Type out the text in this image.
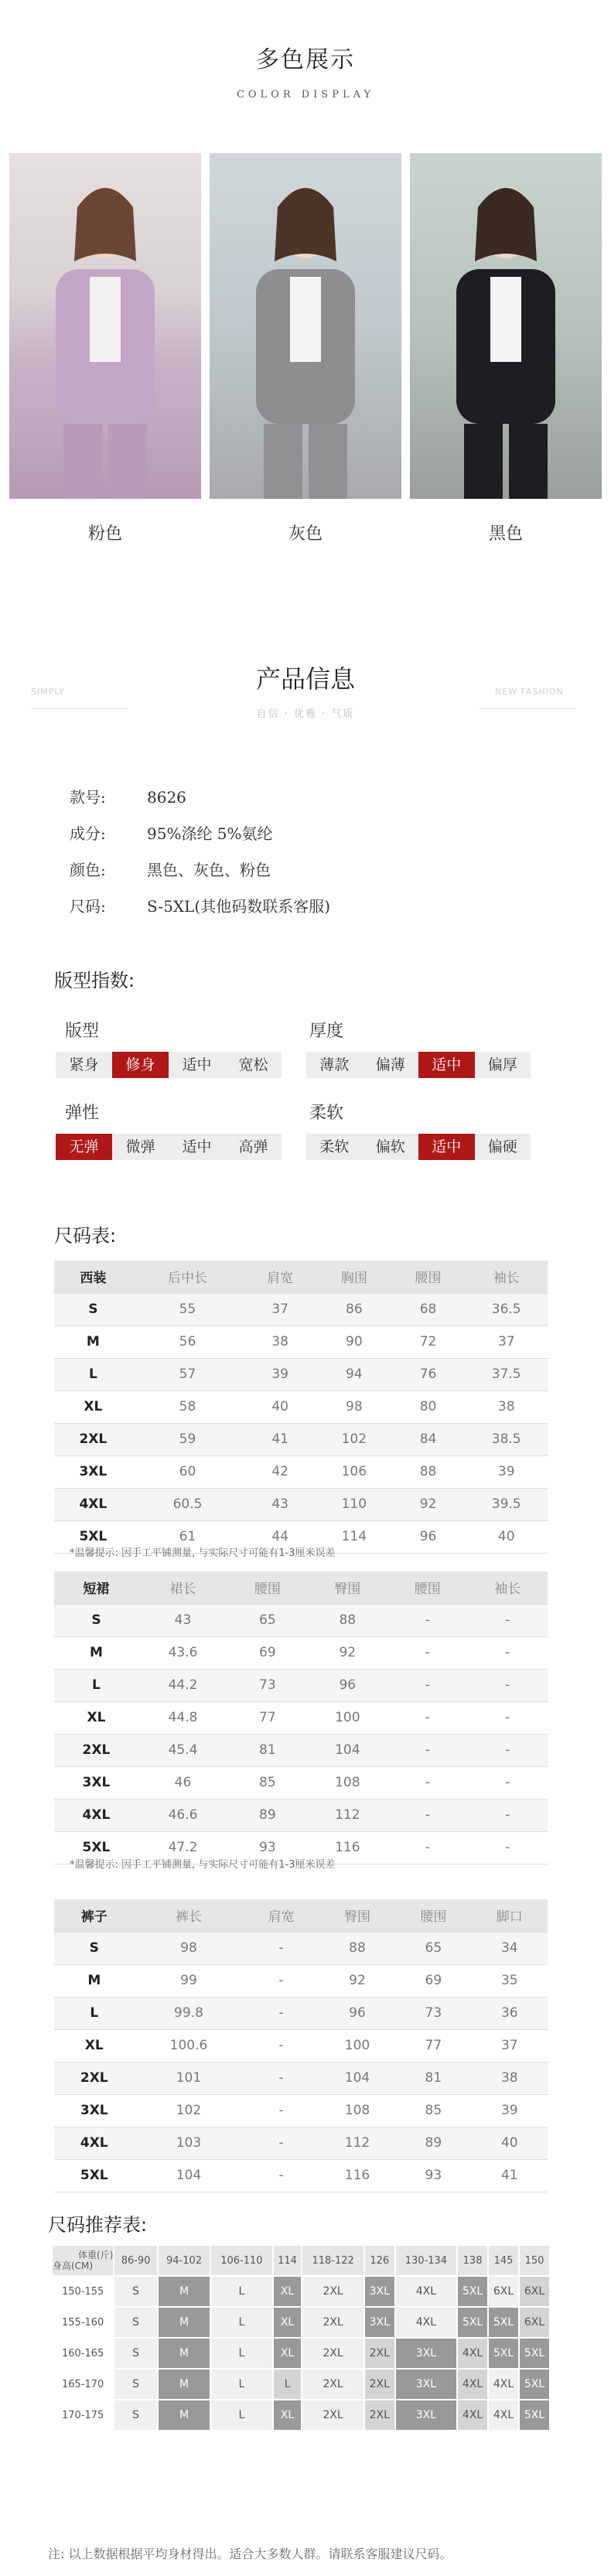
多色展示
COLOR DISPLAY
粉色	灰色	黑色
SIMPLY	NEW FASHION
产品信息
自信 · 优雅 · 气质
款号:	8626
成分:	95%涤纶 5%氨纶
颜色:	黑色、灰色、粉色
尺码:	S-5XL(其他码数联系客服)
版型指数:
版型
紧身	修身	适中	宽松
厚度
薄款	偏薄	适中	偏厚
弹性
无弹	微弹	适中	高弹
柔软
柔软	偏软	适中	偏硬
尺码表:
西装	后中长	肩宽	胸围	腰围	袖长
S	55	37	86	68	36.5
M	56	38	90	72	37
L	57	39	94	76	37.5
XL	58	40	98	80	38
2XL	59	41	102	84	38.5
3XL	60	42	106	88	39
4XL	60.5	43	110	92	39.5
5XL	61	44	114	96	40
*温馨提示: 因手工平铺测量, 与实际尺寸可能有1-3厘米误差
短裙	裙长	腰围	臀围	腰围	袖长
S	43	65	88	-	-
M	43.6	69	92	-	-
L	44.2	73	96	-	-
XL	44.8	77	100	-	-
2XL	45.4	81	104	-	-
3XL	46	85	108	-	-
4XL	46.6	89	112	-	-
5XL	47.2	93	116	-	-
*温馨提示: 因手工平铺测量, 与实际尺寸可能有1-3厘米误差
裤子	裤长	肩宽	臀围	腰围	脚口
S	98	-	88	65	34
M	99	-	92	69	35
L	99.8	-	96	73	36
XL	100.6	-	100	77	37
2XL	101	-	104	81	38
3XL	102	-	108	85	39
4XL	103	-	112	89	40
5XL	104	-	116	93	41
尺码推荐表:
体重(斤)
身高(CM)	86-90	94-102	106-110	114	118-122	126	130-134	138	145	150
150-155	S	M	L	XL	2XL	3XL	4XL	5XL	6XL	6XL
155-160	S	M	L	XL	2XL	3XL	4XL	5XL	5XL	6XL
160-165	S	M	L	XL	2XL	2XL	3XL	4XL	5XL	5XL
165-170	S	M	L	L	2XL	2XL	3XL	4XL	4XL	5XL
170-175	S	M	L	XL	2XL	2XL	3XL	4XL	4XL	5XL
注: 以上数据根据平均身材得出。适合大多数人群。请联系客服建议尺码。
